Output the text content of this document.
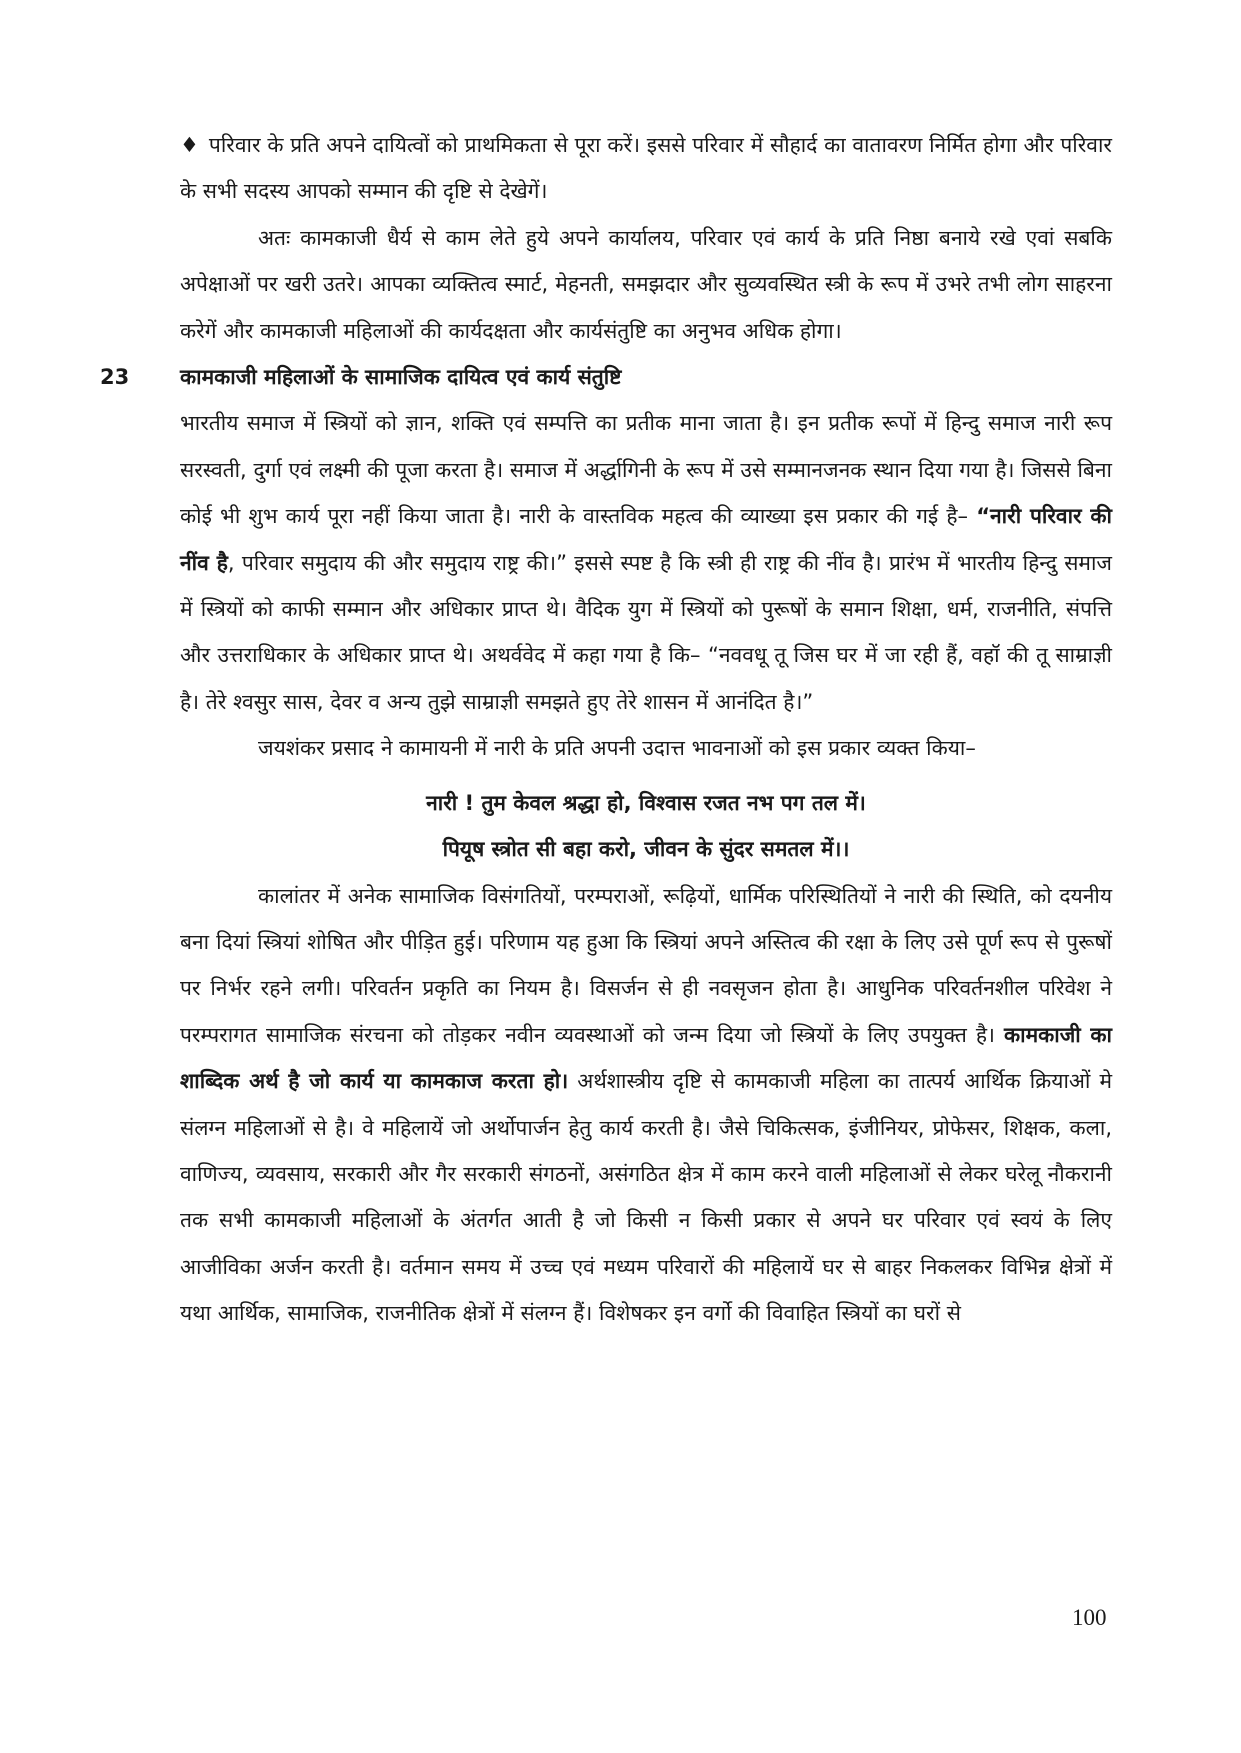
♦ परिवार के प्रति अपने दायित्वों को प्राथमिकता से पूरा करें। इससे परिवार में सौहार्द का वातावरण निर्मित होगा और परिवार के सभी सदस्य आपको सम्मान की दृष्टि से देखेगें।

अतः कामकाजी धैर्य से काम लेते हुये अपने कार्यालय, परिवार एवं कार्य के प्रति निष्ठा बनाये रखे एवां सबकि अपेक्षाओं पर खरी उतरे। आपका व्यक्तित्व स्मार्ट, मेहनती, समझदार और सुव्यवस्थित स्त्री के रूप में उभरे तभी लोग साहरना करेगें और कामकाजी महिलाओं की कार्यदक्षता और कार्यसंतुष्टि का अनुभव अधिक होगा।

23 कामकाजी महिलाओं के सामाजिक दायित्व एवं कार्य संतुष्टि

भारतीय समाज में स्त्रियों को ज्ञान, शक्ति एवं सम्पत्ति का प्रतीक माना जाता है। इन प्रतीक रूपों में हिन्दु समाज नारी रूप सरस्वती, दुर्गा एवं लक्ष्मी की पूजा करता है। समाज में अर्द्धागिनी के रूप में उसे सम्मानजनक स्थान दिया गया है। जिससे बिना कोई भी शुभ कार्य पूरा नहीं किया जाता है। नारी के वास्तविक महत्व की व्याख्या इस प्रकार की गई है– “नारी परिवार की नींव है, परिवार समुदाय की और समुदाय राष्ट्र की।” इससे स्पष्ट है कि स्त्री ही राष्ट्र की नींव है। प्रारंभ में भारतीय हिन्दु समाज में स्त्रियों को काफी सम्मान और अधिकार प्राप्त थे। वैदिक युग में स्त्रियों को पुरूषों के समान शिक्षा, धर्म, राजनीति, संपत्ति और उत्तराधिकार के अधिकार प्राप्त थे। अथर्ववेद में कहा गया है कि– “नववधू तू जिस घर में जा रही हैं, वहॉ की तू साम्राज्ञी है। तेरे श्वसुर सास, देवर व अन्य तुझे साम्राज्ञी समझते हुए तेरे शासन में आनंदित है।”

जयशंकर प्रसाद ने कामायनी में नारी के प्रति अपनी उदात्त भावनाओं को इस प्रकार व्यक्त किया–

नारी ! तुम केवल श्रद्धा हो, विश्वास रजत नभ पग तल में।

पियूष स्त्रोत सी बहा करो, जीवन के सुंदर समतल में।।

कालांतर में अनेक सामाजिक विसंगतियों, परम्पराओं, रूढ़ियों, धार्मिक परिस्थितियों ने नारी की स्थिति, को दयनीय बना दियां स्त्रियां शोषित और पीड़ित हुई। परिणाम यह हुआ कि स्त्रियां अपने अस्तित्व की रक्षा के लिए उसे पूर्ण रूप से पुरूषों पर निर्भर रहने लगी। परिवर्तन प्रकृति का नियम है। विसर्जन से ही नवसृजन होता है। आधुनिक परिवर्तनशील परिवेश ने परम्परागत सामाजिक संरचना को तोड़कर नवीन व्यवस्थाओं को जन्म दिया जो स्त्रियों के लिए उपयुक्त है। कामकाजी का शाब्दिक अर्थ है जो कार्य या कामकाज करता हो। अर्थशास्त्रीय दृष्टि से कामकाजी महिला का तात्पर्य आर्थिक क्रियाओं मे संलग्न महिलाओं से है। वे महिलायें जो अर्थोपार्जन हेतु कार्य करती है। जैसे चिकित्सक, इंजीनियर, प्रोफेसर, शिक्षक, कला, वाणिज्य, व्यवसाय, सरकारी और गैर सरकारी संगठनों, असंगठित क्षेत्र में काम करने वाली महिलाओं से लेकर घरेलू नौकरानी तक सभी कामकाजी महिलाओं के अंतर्गत आती है जो किसी न किसी प्रकार से अपने घर परिवार एवं स्वयं के लिए आजीविका अर्जन करती है। वर्तमान समय में उच्च एवं मध्यम परिवारों की महिलायें घर से बाहर निकलकर विभिन्न क्षेत्रों में यथा आर्थिक, सामाजिक, राजनीतिक क्षेत्रों में संलग्न हैं। विशेषकर इन वर्गो की विवाहित स्त्रियों का घरों से

100
